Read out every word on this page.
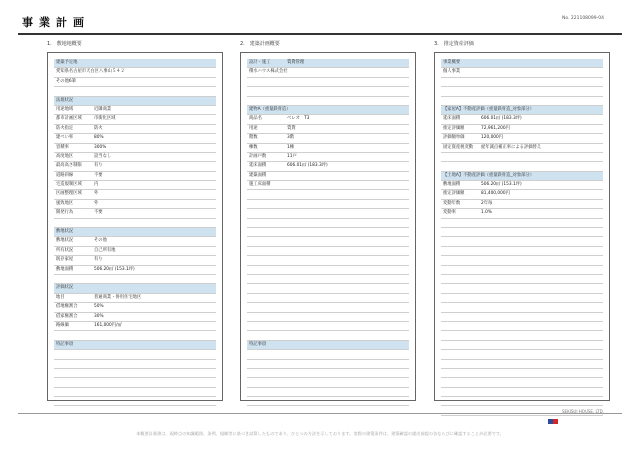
事業計画	No. 221108099-04
1.　敷地地概要	2.　建築計画概要	3.　推定資産評価
建築予定地
愛知県名古屋市天白区八事山５４２
その他6筆
法規状況
用途地域	近隣商業
都市計画区域	市街化区域
防火指定	防火
建ぺい率	80%
容積率	300%
高度地区	設当なし
最高高さ制限	有り
道路斜線	不要
宅造規制区域	内
区画整理区域	外
風致地区	外
開発行為	不要
敷地状況
敷地状況	その他
所有状況	自己所有地
既存家屋	有り
敷地面積	506.20㎡ (153.1坪)
評価状況
地目	普通商業・併用住宅地区
借地権割合	50%
借家権割合	30%
路線価	161,000円/㎡
特記事項
設計・施工	賃貸管理
積水ハウス株式会社
建物A（重量鉄骨造）
商品名	ベレオ　T3
用途	賃貸
階数	3階
棟数	1棟
計画戸数	11戸
延床面積	606.01㎡ (183.3坪)
建築面積
施工床面積
特記事項
事業概要
個人事業
【家屋A】不動産評価（重量鉄骨造_対象部分）
延床面積	606.01㎡ (183.3坪)
推定評価額	72,961,200円
評価額単価	120,000円
固定資産税変動 経年減点補正率による評価替え
【土地A】不動産評価（重量鉄骨造_対象部分）
敷地面積	506.20㎡ (153.1坪)
推定評価額	81,400,000円
変動年数	2年毎
変動率	1.0%
SEKISUI HOUSE, LTD.
本概要計画書は、現時点の知識範囲、条例、規制等に基づき試算したものであり、ひとつの方法を示しております。実際の建築条件は、建築確認の提出前提の各ならびに確認することが必要です。
